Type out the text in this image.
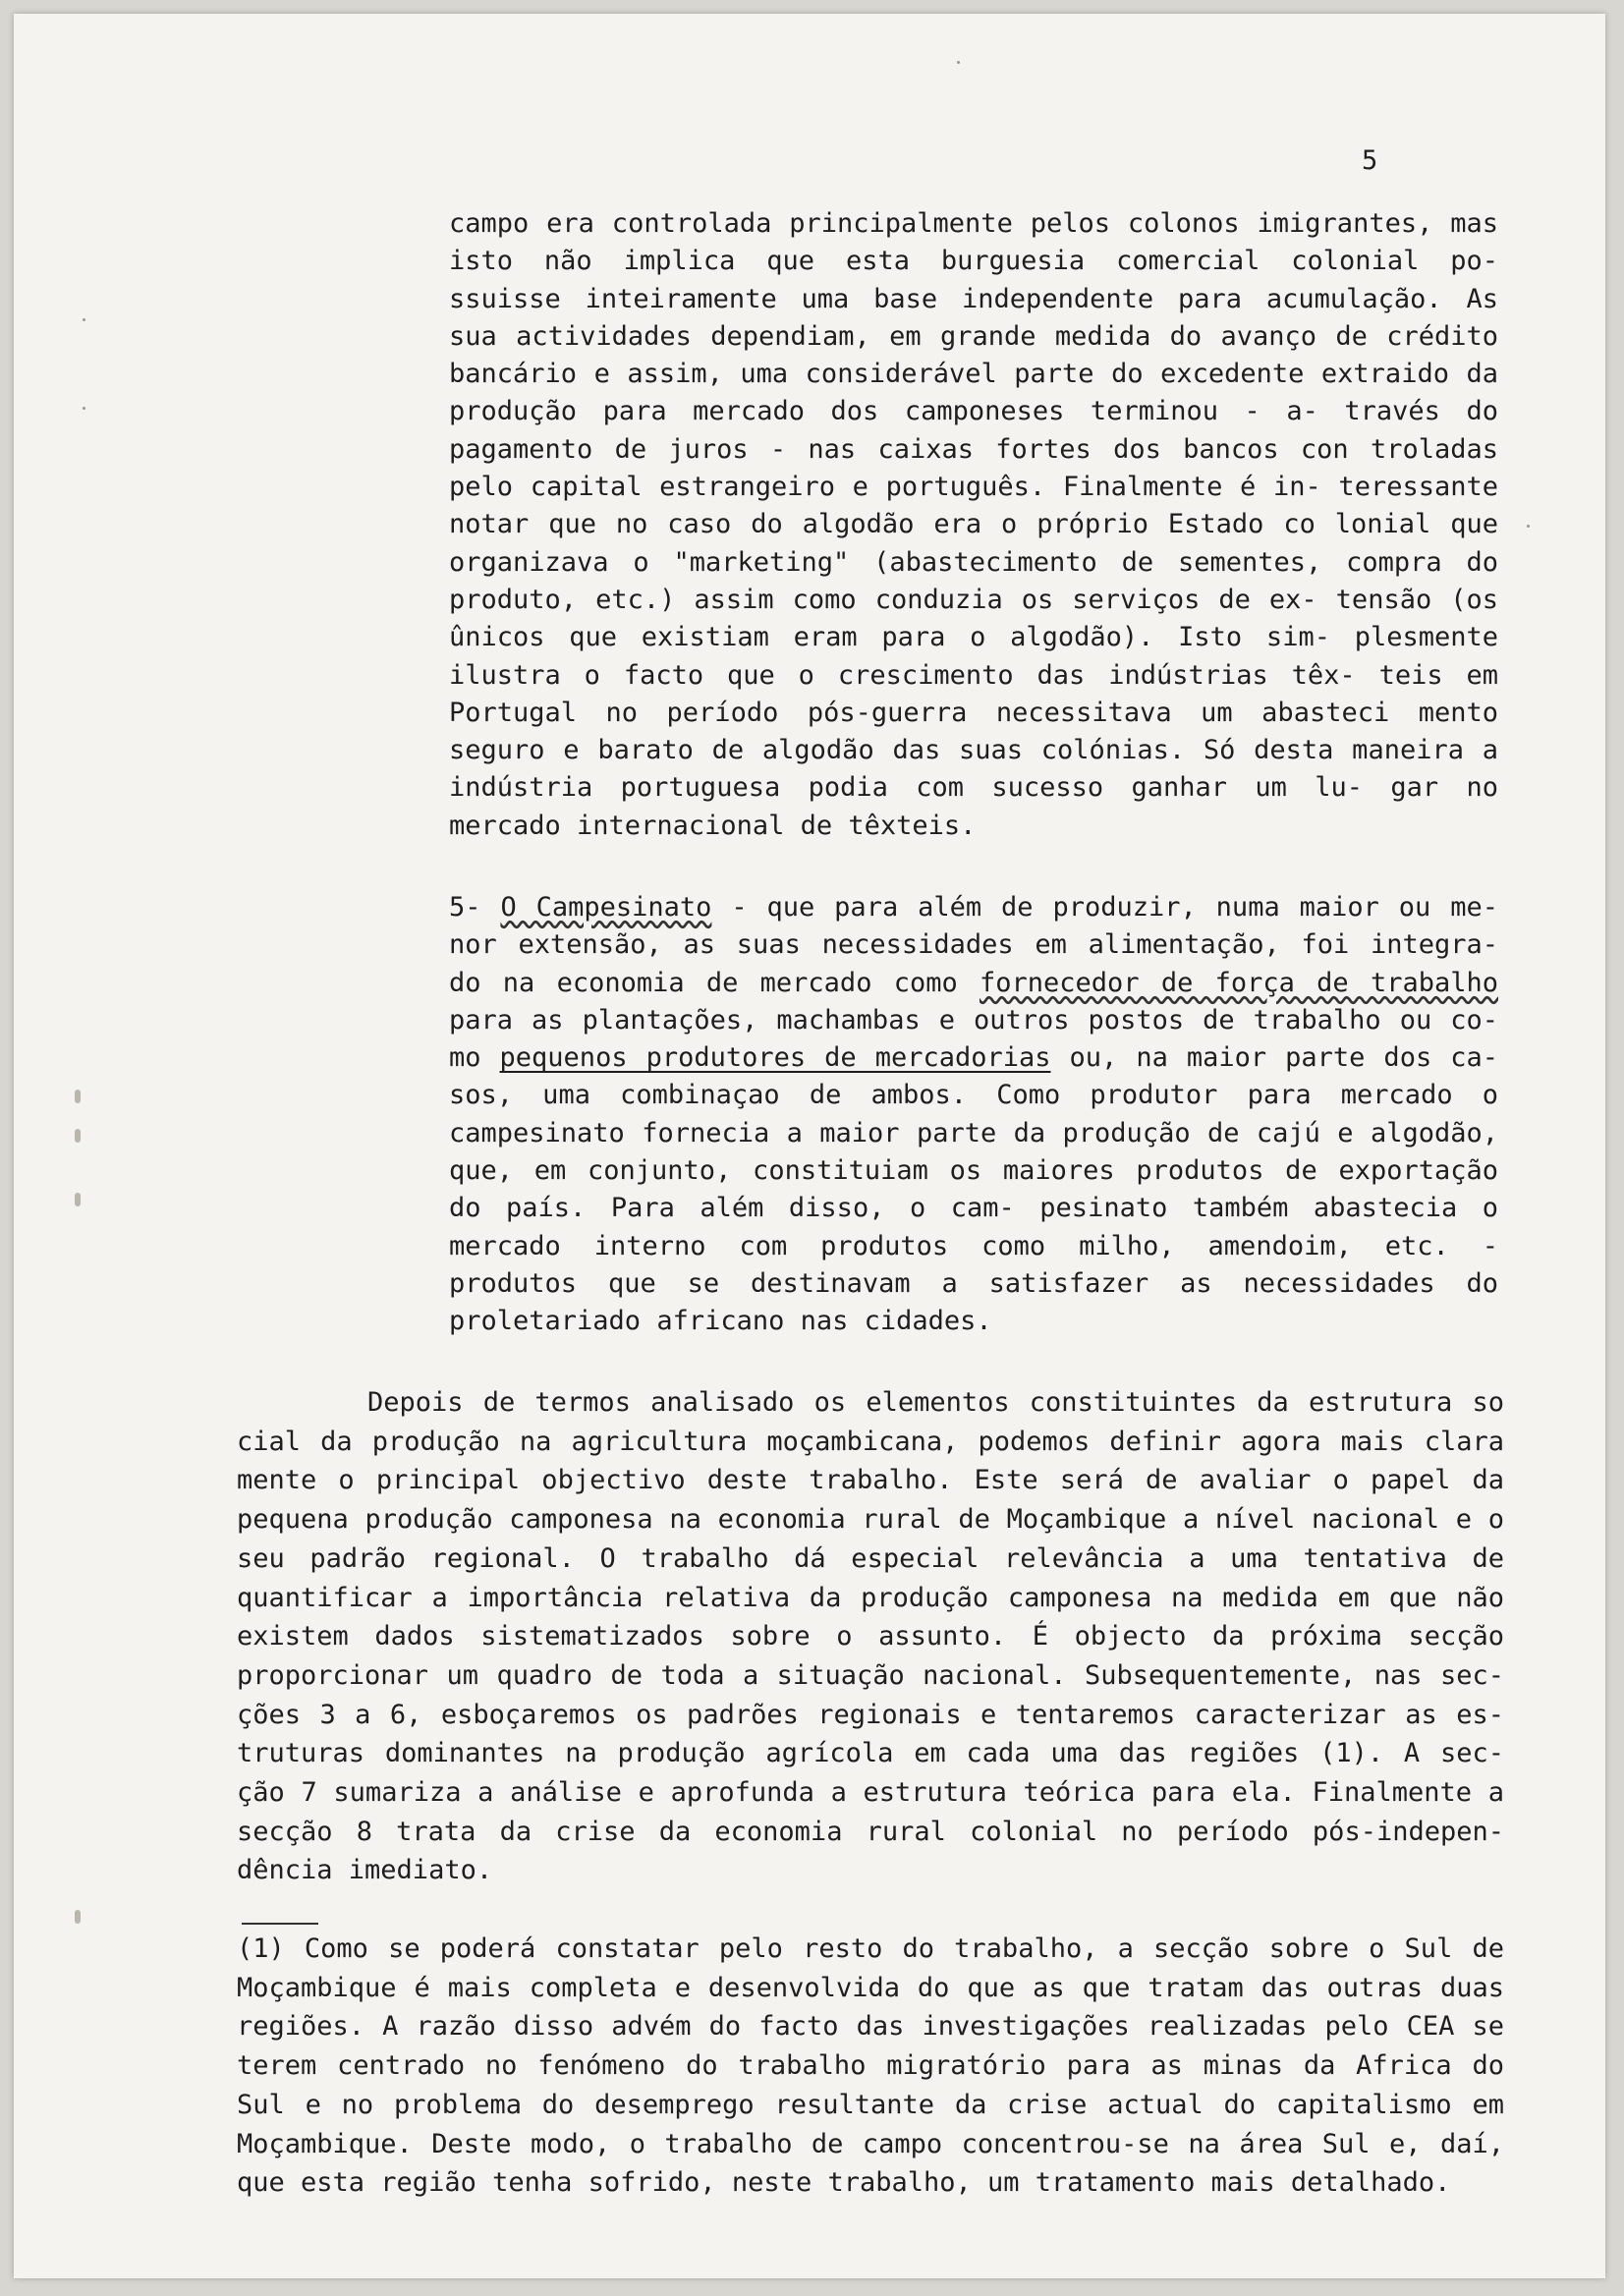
5
campo era controlada principalmente pelos colonos imigrantes, mas isto não implica que esta burguesia comercial colonial po- ssuisse inteiramente uma base independente para acumulação. As sua actividades dependiam, em grande medida do avanço de crédito bancário e assim, uma considerável parte do excedente extraido da produção para mercado dos camponeses terminou - a- través do pagamento de juros - nas caixas fortes dos bancos con troladas pelo capital estrangeiro e português. Finalmente é in- teressante notar que no caso do algodão era o próprio Estado co lonial que organizava o "marketing" (abastecimento de sementes, compra do produto, etc.) assim como conduzia os serviços de ex- tensão (os ûnicos que existiam eram para o algodão). Isto sim- plesmente ilustra o facto que o crescimento das indústrias têx- teis em Portugal no período pós-guerra necessitava um abasteci mento seguro e barato de algodão das suas colónias. Só desta maneira a indústria portuguesa podia com sucesso ganhar um lu- gar no mercado internacional de têxteis.
5- O Campesinato - que para além de produzir, numa maior ou me- nor extensão, as suas necessidades em alimentação, foi integra- do na economia de mercado como fornecedor de força de trabalho para as plantações, machambas e outros postos de trabalho ou co- mo pequenos produtores de mercadorias ou, na maior parte dos ca- sos, uma combinaçao de ambos. Como produtor para mercado o campesinato fornecia a maior parte da produção de cajú e algodão, que, em conjunto, constituiam os maiores produtos de exportação do país. Para além disso, o cam- pesinato também abastecia o mercado interno com produtos como milho, amendoim, etc. - produtos que se destinavam a satisfazer as necessidades do proletariado africano nas cidades.
Depois de termos analisado os elementos constituintes da estrutura so cial da produção na agricultura moçambicana, podemos definir agora mais clara mente o principal objectivo deste trabalho. Este será de avaliar o papel da pequena produção camponesa na economia rural de Moçambique a nível nacional e o seu padrão regional. O trabalho dá especial relevância a uma tentativa de quantificar a importância relativa da produção camponesa na medida em que não existem dados sistematizados sobre o assunto. É objecto da próxima secção proporcionar um quadro de toda a situação nacional. Subsequentemente, nas sec- ções 3 a 6, esboçaremos os padrões regionais e tentaremos caracterizar as es- truturas dominantes na produção agrícola em cada uma das regiões (1). A sec- ção 7 sumariza a análise e aprofunda a estrutura teórica para ela. Finalmente a secção 8 trata da crise da economia rural colonial no período pós-indepen- dência imediato.
(1) Como se poderá constatar pelo resto do trabalho, a secção sobre o Sul de Moçambique é mais completa e desenvolvida do que as que tratam das outras duas regiões. A razão disso advém do facto das investigações realizadas pelo CEA se terem centrado no fenómeno do trabalho migratório para as minas da Africa do Sul e no problema do desemprego resultante da crise actual do capitalismo em Moçambique. Deste modo, o trabalho de campo concentrou-se na área Sul e, daí, que esta região tenha sofrido, neste trabalho, um tratamento mais detalhado.
